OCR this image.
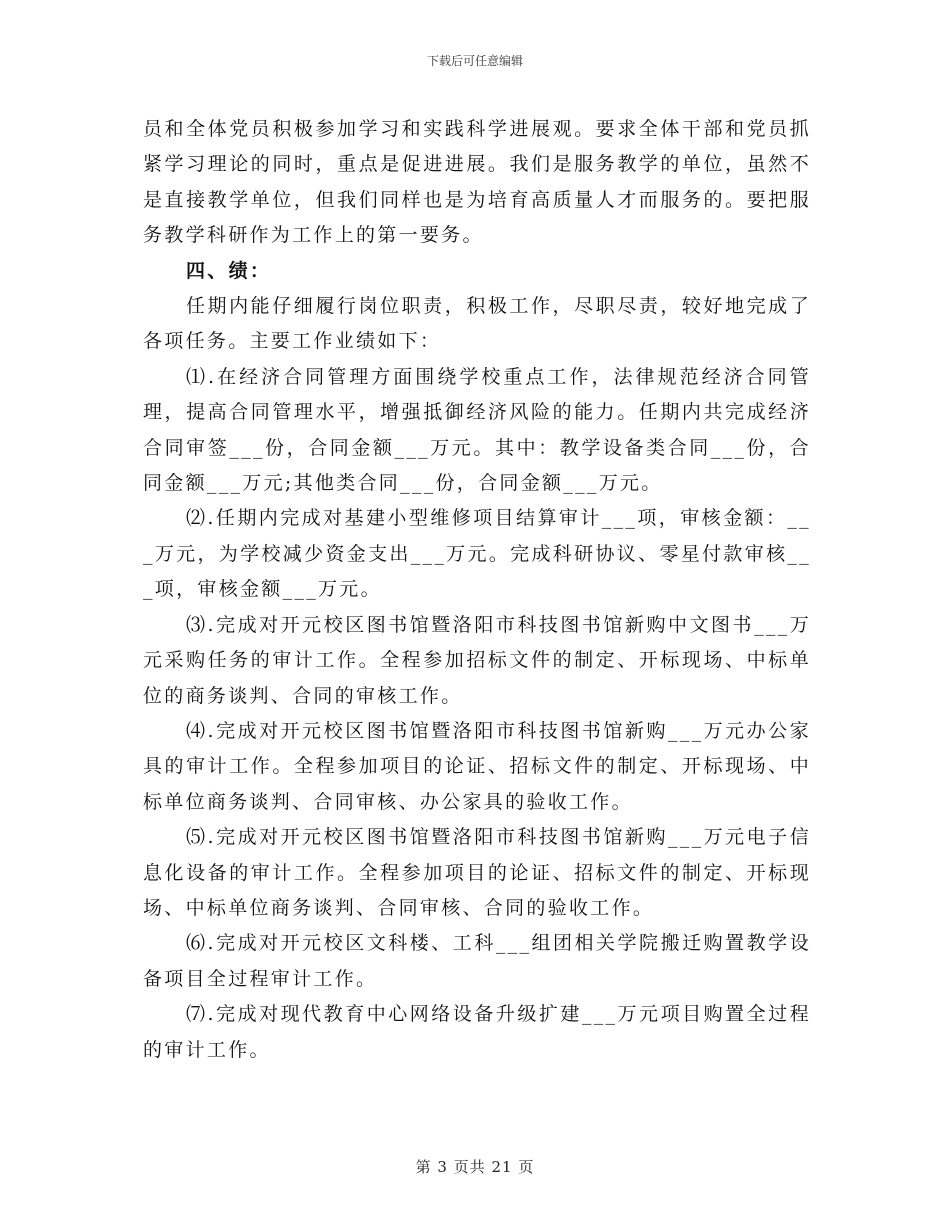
下载后可任意编辑

员和全体党员积极参加学习和实践科学进展观。要求全体干部和党员抓紧学习理论的同时，重点是促进进展。我们是服务教学的单位，虽然不是直接教学单位，但我们同样也是为培育高质量人才而服务的。要把服务教学科研作为工作上的第一要务。

四、绩：

任期内能仔细履行岗位职责，积极工作，尽职尽责，较好地完成了各项任务。主要工作业绩如下：

⑴.在经济合同管理方面围绕学校重点工作，法律规范经济合同管理，提高合同管理水平，增强抵御经济风险的能力。任期内共完成经济合同审签___份，合同金额___万元。其中：教学设备类合同___份，合同金额___万元;其他类合同___份，合同金额___万元。

⑵.任期内完成对基建小型维修项目结算审计___项，审核金额：___万元，为学校减少资金支出___万元。完成科研协议、零星付款审核___项，审核金额___万元。

⑶.完成对开元校区图书馆暨洛阳市科技图书馆新购中文图书___万元采购任务的审计工作。全程参加招标文件的制定、开标现场、中标单位的商务谈判、合同的审核工作。

⑷.完成对开元校区图书馆暨洛阳市科技图书馆新购___万元办公家具的审计工作。全程参加项目的论证、招标文件的制定、开标现场、中标单位商务谈判、合同审核、办公家具的验收工作。

⑸.完成对开元校区图书馆暨洛阳市科技图书馆新购___万元电子信息化设备的审计工作。全程参加项目的论证、招标文件的制定、开标现场、中标单位商务谈判、合同审核、合同的验收工作。

⑹.完成对开元校区文科楼、工科___组团相关学院搬迁购置教学设备项目全过程审计工作。

⑺.完成对现代教育中心网络设备升级扩建___万元项目购置全过程的审计工作。

第 3 页共 21 页
